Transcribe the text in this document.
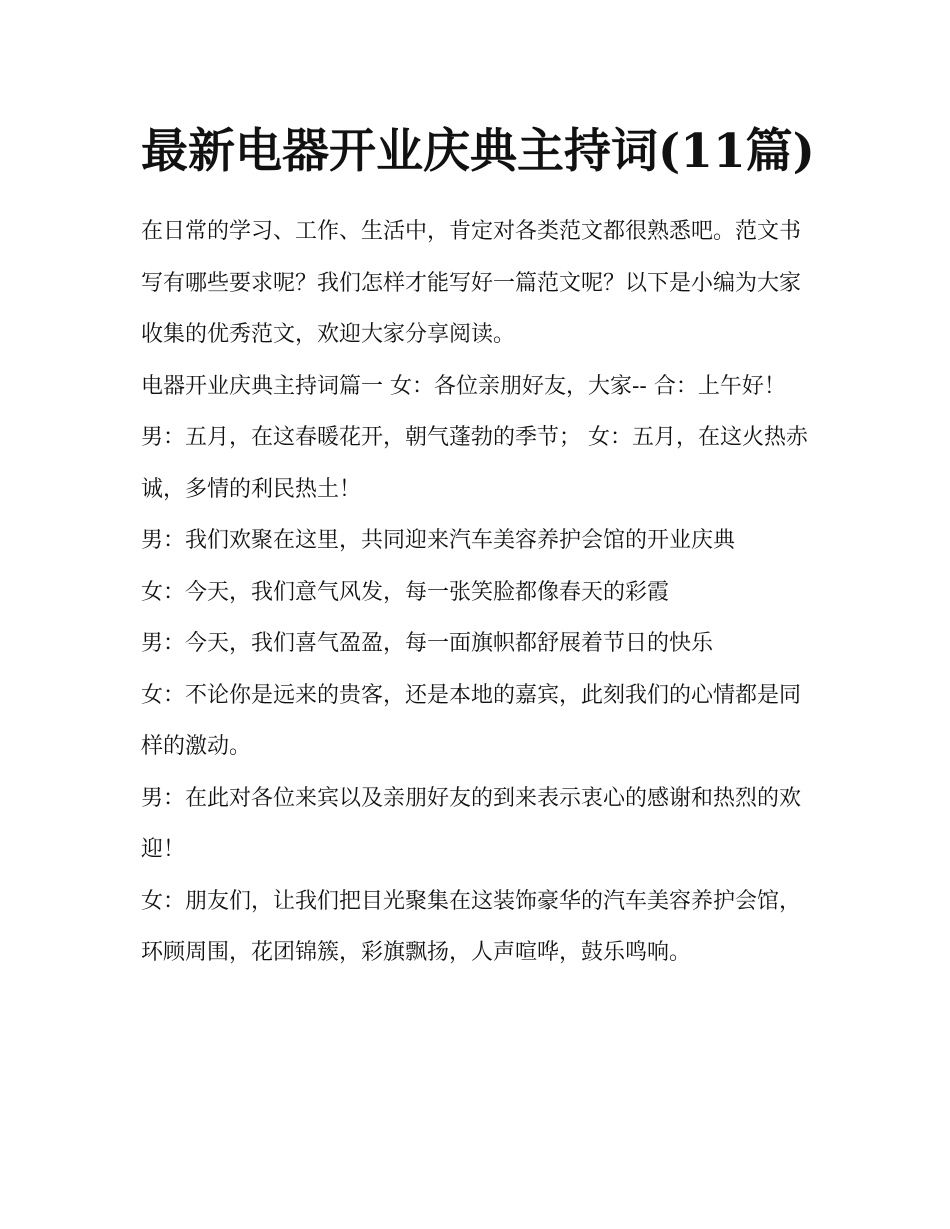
最新电器开业庆典主持词(11篇)

在日常的学习、工作、生活中，肯定对各类范文都很熟悉吧。范文书写有哪些要求呢？我们怎样才能写好一篇范文呢？以下是小编为大家收集的优秀范文，欢迎大家分享阅读。

电器开业庆典主持词篇一 女：各位亲朋好友，大家-- 合：上午好！ 男：五月，在这春暖花开，朝气蓬勃的季节； 女：五月，在这火热赤诚，多情的利民热土！

男：我们欢聚在这里，共同迎来汽车美容养护会馆的开业庆典

女：今天，我们意气风发，每一张笑脸都像春天的彩霞

男：今天，我们喜气盈盈，每一面旗帜都舒展着节日的快乐

女：不论你是远来的贵客，还是本地的嘉宾，此刻我们的心情都是同样的激动。

男：在此对各位来宾以及亲朋好友的到来表示衷心的感谢和热烈的欢迎！

女：朋友们，让我们把目光聚集在这装饰豪华的汽车美容养护会馆，环顾周围，花团锦簇，彩旗飘扬，人声喧哗，鼓乐鸣响。
